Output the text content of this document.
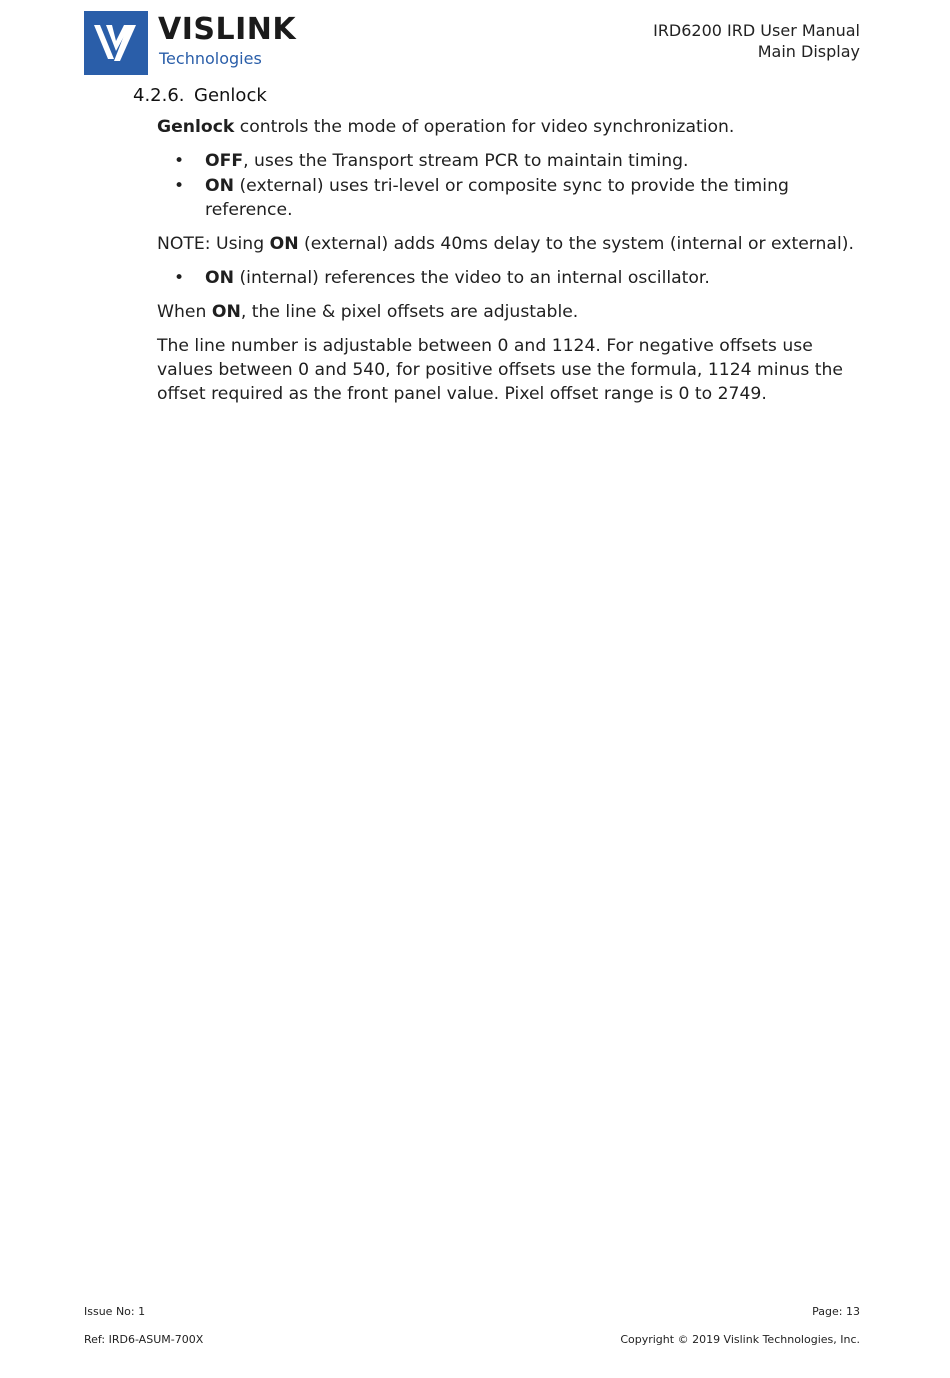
VISLINK
Technologies
IRD6200 IRD User Manual
Main Display
4.2.6. Genlock

Genlock controls the mode of operation for video synchronization.

• OFF, uses the Transport stream PCR to maintain timing.
• ON (external) uses tri-level or composite sync to provide the timing reference.

NOTE: Using ON (external) adds 40ms delay to the system (internal or external).

• ON (internal) references the video to an internal oscillator.

When ON, the line & pixel offsets are adjustable.

The line number is adjustable between 0 and 1124. For negative offsets use values between 0 and 540, for positive offsets use the formula, 1124 minus the offset required as the front panel value. Pixel offset range is 0 to 2749.

Issue No: 1	Page: 13
Ref: IRD6-ASUM-700X	Copyright © 2019 Vislink Technologies, Inc.
